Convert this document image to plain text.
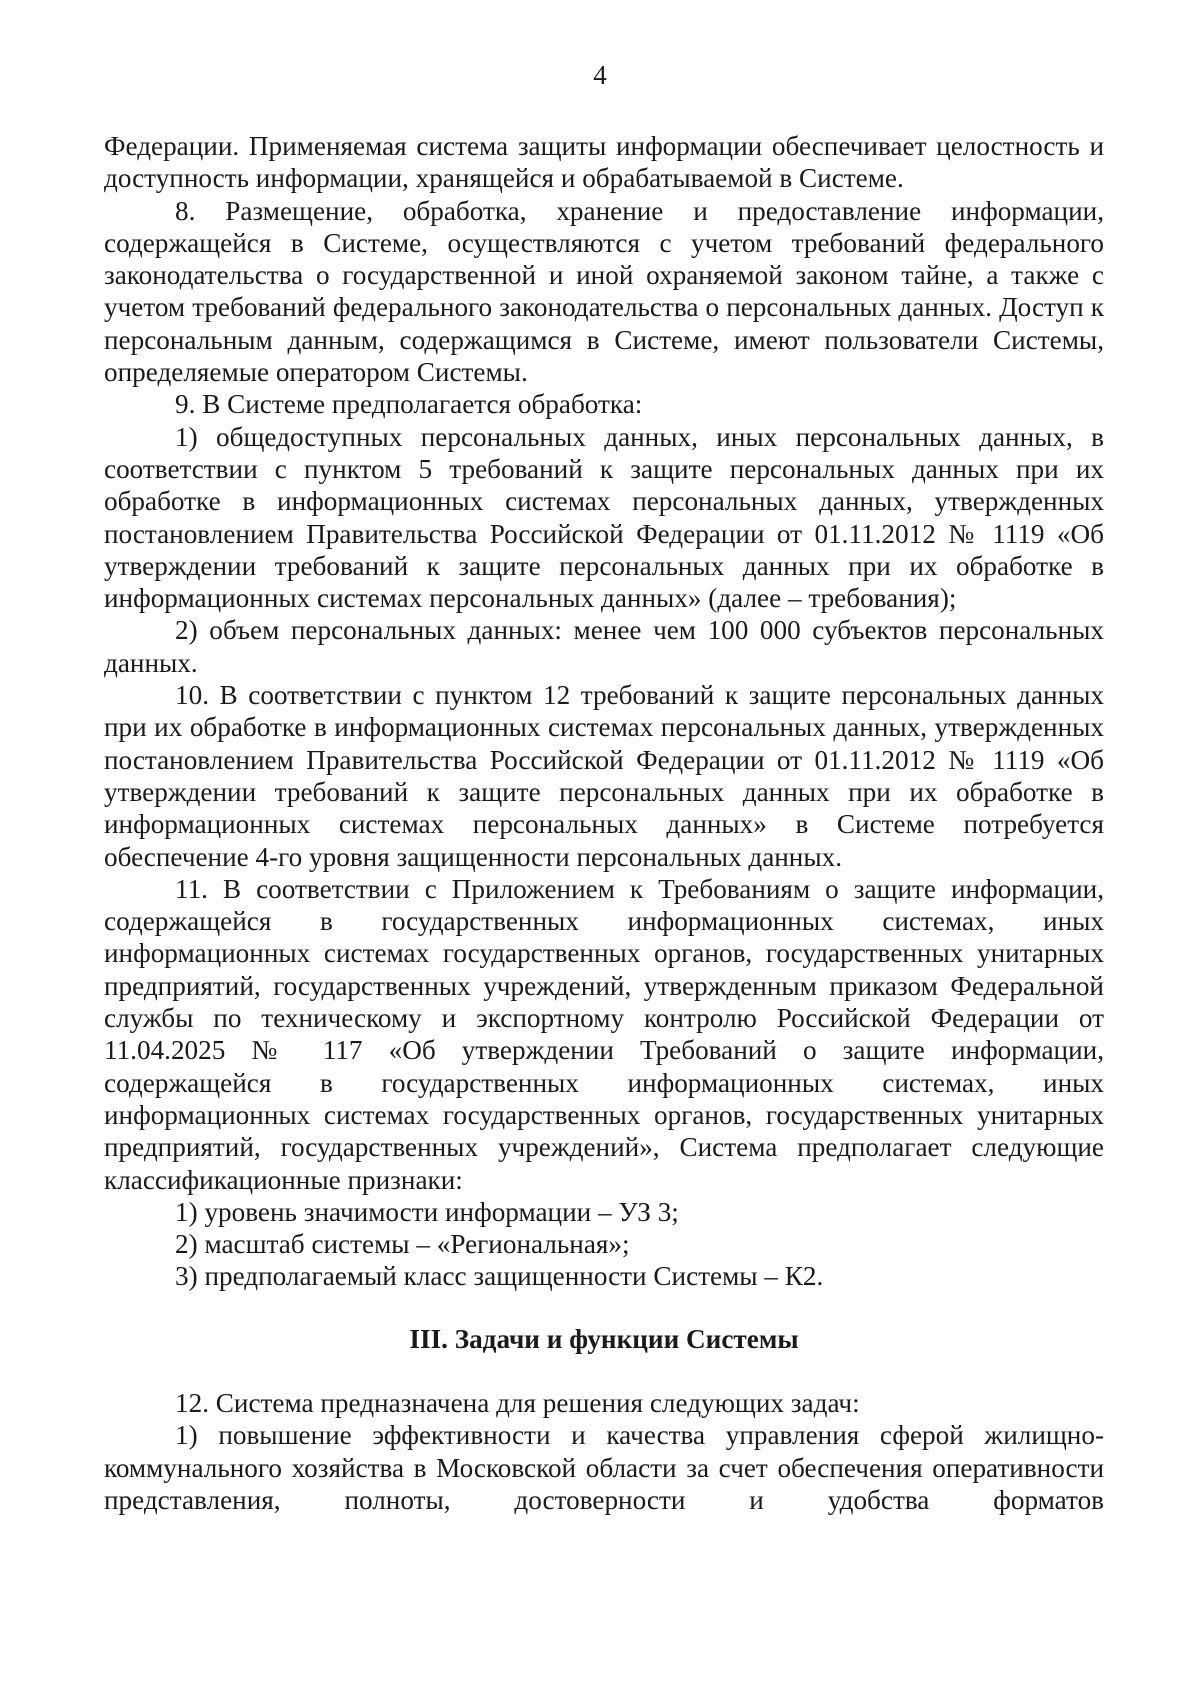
4

Федерации. Применяемая система защиты информации обеспечивает целостность и доступность информации, хранящейся и обрабатываемой в Системе.

8. Размещение, обработка, хранение и предоставление информации, содержащейся в Системе, осуществляются с учетом требований федерального законодательства о государственной и иной охраняемой законом тайне, а также с учетом требований федерального законодательства о персональных данных. Доступ к персональным данным, содержащимся в Системе, имеют пользователи Системы, определяемые оператором Системы.

9. В Системе предполагается обработка:

1) общедоступных персональных данных, иных персональных данных, в соответствии с пунктом 5 требований к защите персональных данных при их обработке в информационных системах персональных данных, утвержденных постановлением Правительства Российской Федерации от 01.11.2012 № 1119 «Об утверждении требований к защите персональных данных при их обработке в информационных системах персональных данных» (далее – требования);

2) объем персональных данных: менее чем 100 000 субъектов персональных данных.

10. В соответствии с пунктом 12 требований к защите персональных данных при их обработке в информационных системах персональных данных, утвержденных постановлением Правительства Российской Федерации от 01.11.2012 № 1119 «Об утверждении требований к защите персональных данных при их обработке в информационных системах персональных данных» в Системе потребуется обеспечение 4-го уровня защищенности персональных данных.

11. В соответствии с Приложением к Требованиям о защите информации, содержащейся в государственных информационных системах, иных информационных системах государственных органов, государственных унитарных предприятий, государственных учреждений, утвержденным приказом Федеральной службы по техническому и экспортному контролю Российской Федерации от 11.04.2025 № 117 «Об утверждении Требований о защите информации, содержащейся в государственных информационных системах, иных информационных системах государственных органов, государственных унитарных предприятий, государственных учреждений», Система предполагает следующие классификационные признаки:

1) уровень значимости информации – УЗ 3;

2) масштаб системы – «Региональная»;

3) предполагаемый класс защищенности Системы – К2.

III. Задачи и функции Системы

12. Система предназначена для решения следующих задач:

1) повышение эффективности и качества управления сферой жилищно-коммунального хозяйства в Московской области за счет обеспечения оперативности представления, полноты, достоверности и удобства форматов
